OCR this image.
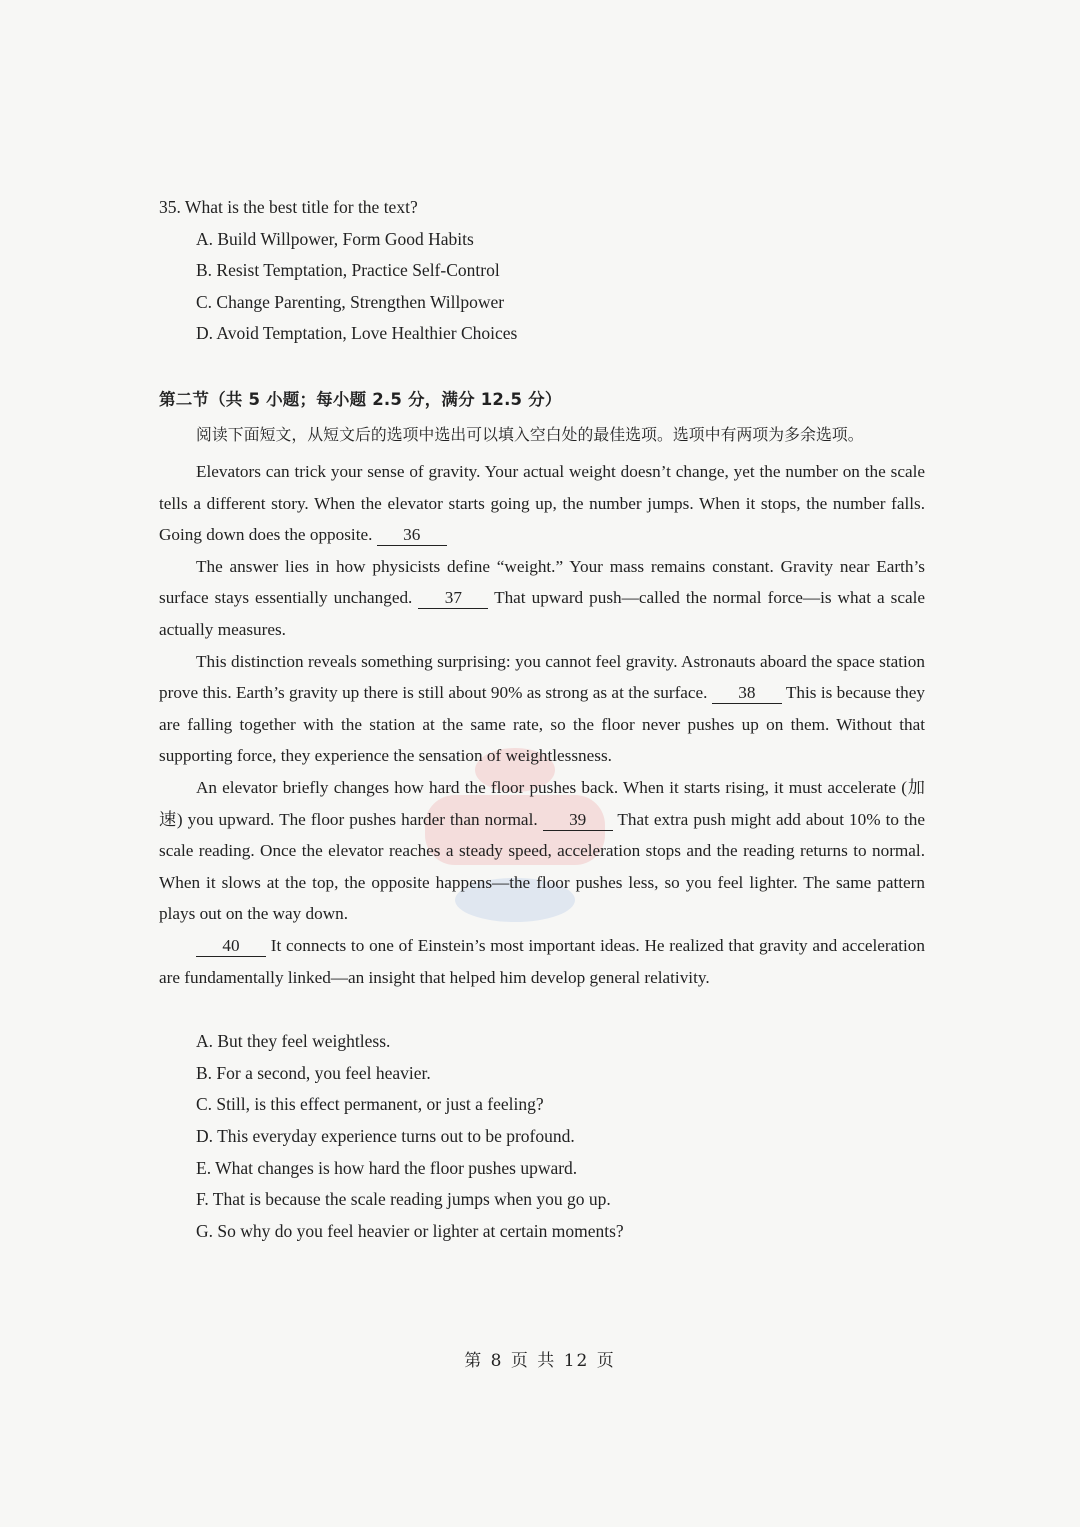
35. What is the best title for the text?
A. Build Willpower, Form Good Habits
B. Resist Temptation, Practice Self-Control
C. Change Parenting, Strengthen Willpower
D. Avoid Temptation, Love Healthier Choices
第二节（共 5 小题；每小题 2.5 分，满分 12.5 分）
阅读下面短文，从短文后的选项中选出可以填入空白处的最佳选项。选项中有两项为多余选项。

Elevators can trick your sense of gravity. Your actual weight doesn’t change, yet the number on the scale tells a different story. When the elevator starts going up, the number jumps. When it stops, the number falls. Going down does the opposite. 36

The answer lies in how physicists define “weight.” Your mass remains constant. Gravity near Earth’s surface stays essentially unchanged. 37 That upward push—called the normal force—is what a scale actually measures.

This distinction reveals something surprising: you cannot feel gravity. Astronauts aboard the space station prove this. Earth’s gravity up there is still about 90% as strong as at the surface. 38 This is because they are falling together with the station at the same rate, so the floor never pushes up on them. Without that supporting force, they experience the sensation of weightlessness.

An elevator briefly changes how hard the floor pushes back. When it starts rising, it must accelerate (加速) you upward. The floor pushes harder than normal. 39 That extra push might add about 10% to the scale reading. Once the elevator reaches a steady speed, acceleration stops and the reading returns to normal. When it slows at the top, the opposite happens—the floor pushes less, so you feel lighter. The same pattern plays out on the way down.

40 It connects to one of Einstein’s most important ideas. He realized that gravity and acceleration are fundamentally linked—an insight that helped him develop general relativity.

A. But they feel weightless.
B. For a second, you feel heavier.
C. Still, is this effect permanent, or just a feeling?
D. This everyday experience turns out to be profound.
E. What changes is how hard the floor pushes upward.
F. That is because the scale reading jumps when you go up.
G. So why do you feel heavier or lighter at certain moments?
第 8 页 共 12 页
